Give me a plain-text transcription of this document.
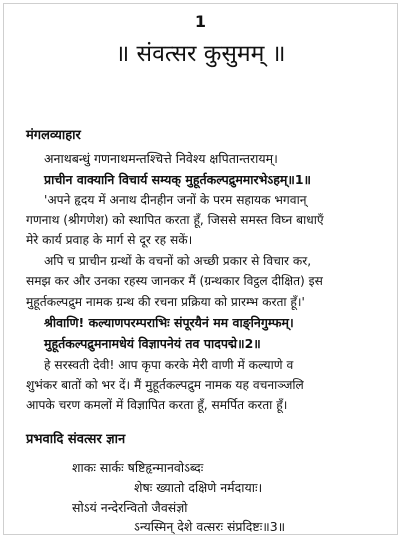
1
॥ संवत्सर कुसुमम् ॥
मंगलव्याहार
अनाथबन्धुं गणनाथमन्तश्चित्ते निवेश्य क्षपितान्तरायम्।
प्राचीन वाक्यानि विचार्य सम्यक् मुहूर्तकल्पद्रुममारभेऽहम्॥1॥
'अपने हृदय में अनाथ दीनहीन जनों के परम सहायक भगवान्
गणनाथ (श्रीगणेश) को स्थापित करता हूँ, जिससे समस्त विघ्न बाधाएँ
मेरे कार्य प्रवाह के मार्ग से दूर रह सकें।
अपि च प्राचीन ग्रन्थों के वचनों को अच्छी प्रकार से विचार कर,
समझ कर और उनका रहस्य जानकर मैं (ग्रन्थकार विट्ठल दीक्षित) इस
मुहूर्तकल्पद्रुम नामक ग्रन्थ की रचना प्रक्रिया को प्रारम्भ करता हूँ।'
श्रीवाणि! कल्याणपरम्पराभिः संपूरयैनं मम वाङ्निगुम्फम्।
मुहूर्तकल्पद्रुमनामधेयं विज्ञापनेयं तव पादपद्मे॥2॥
हे सरस्वती देवी! आप कृपा करके मेरी वाणी में कल्याणे व
शुभंकर बातों को भर दें। मैं मुहूर्तकल्पद्रुम नामक यह वचनाञ्जलि
आपके चरण कमलों में विज्ञापित करता हूँ, समर्पित करता हूँ।
प्रभवादि संवत्सर ज्ञान
शाकः सार्कः षष्टिहृन्मानवोऽब्दः
शेषः ख्यातो दक्षिणे नर्मदायाः।
सोऽयं नन्देरन्वितो जैवसंज्ञो
ऽन्यस्मिन् देशे वत्सरः संप्रदिष्टः॥3॥
